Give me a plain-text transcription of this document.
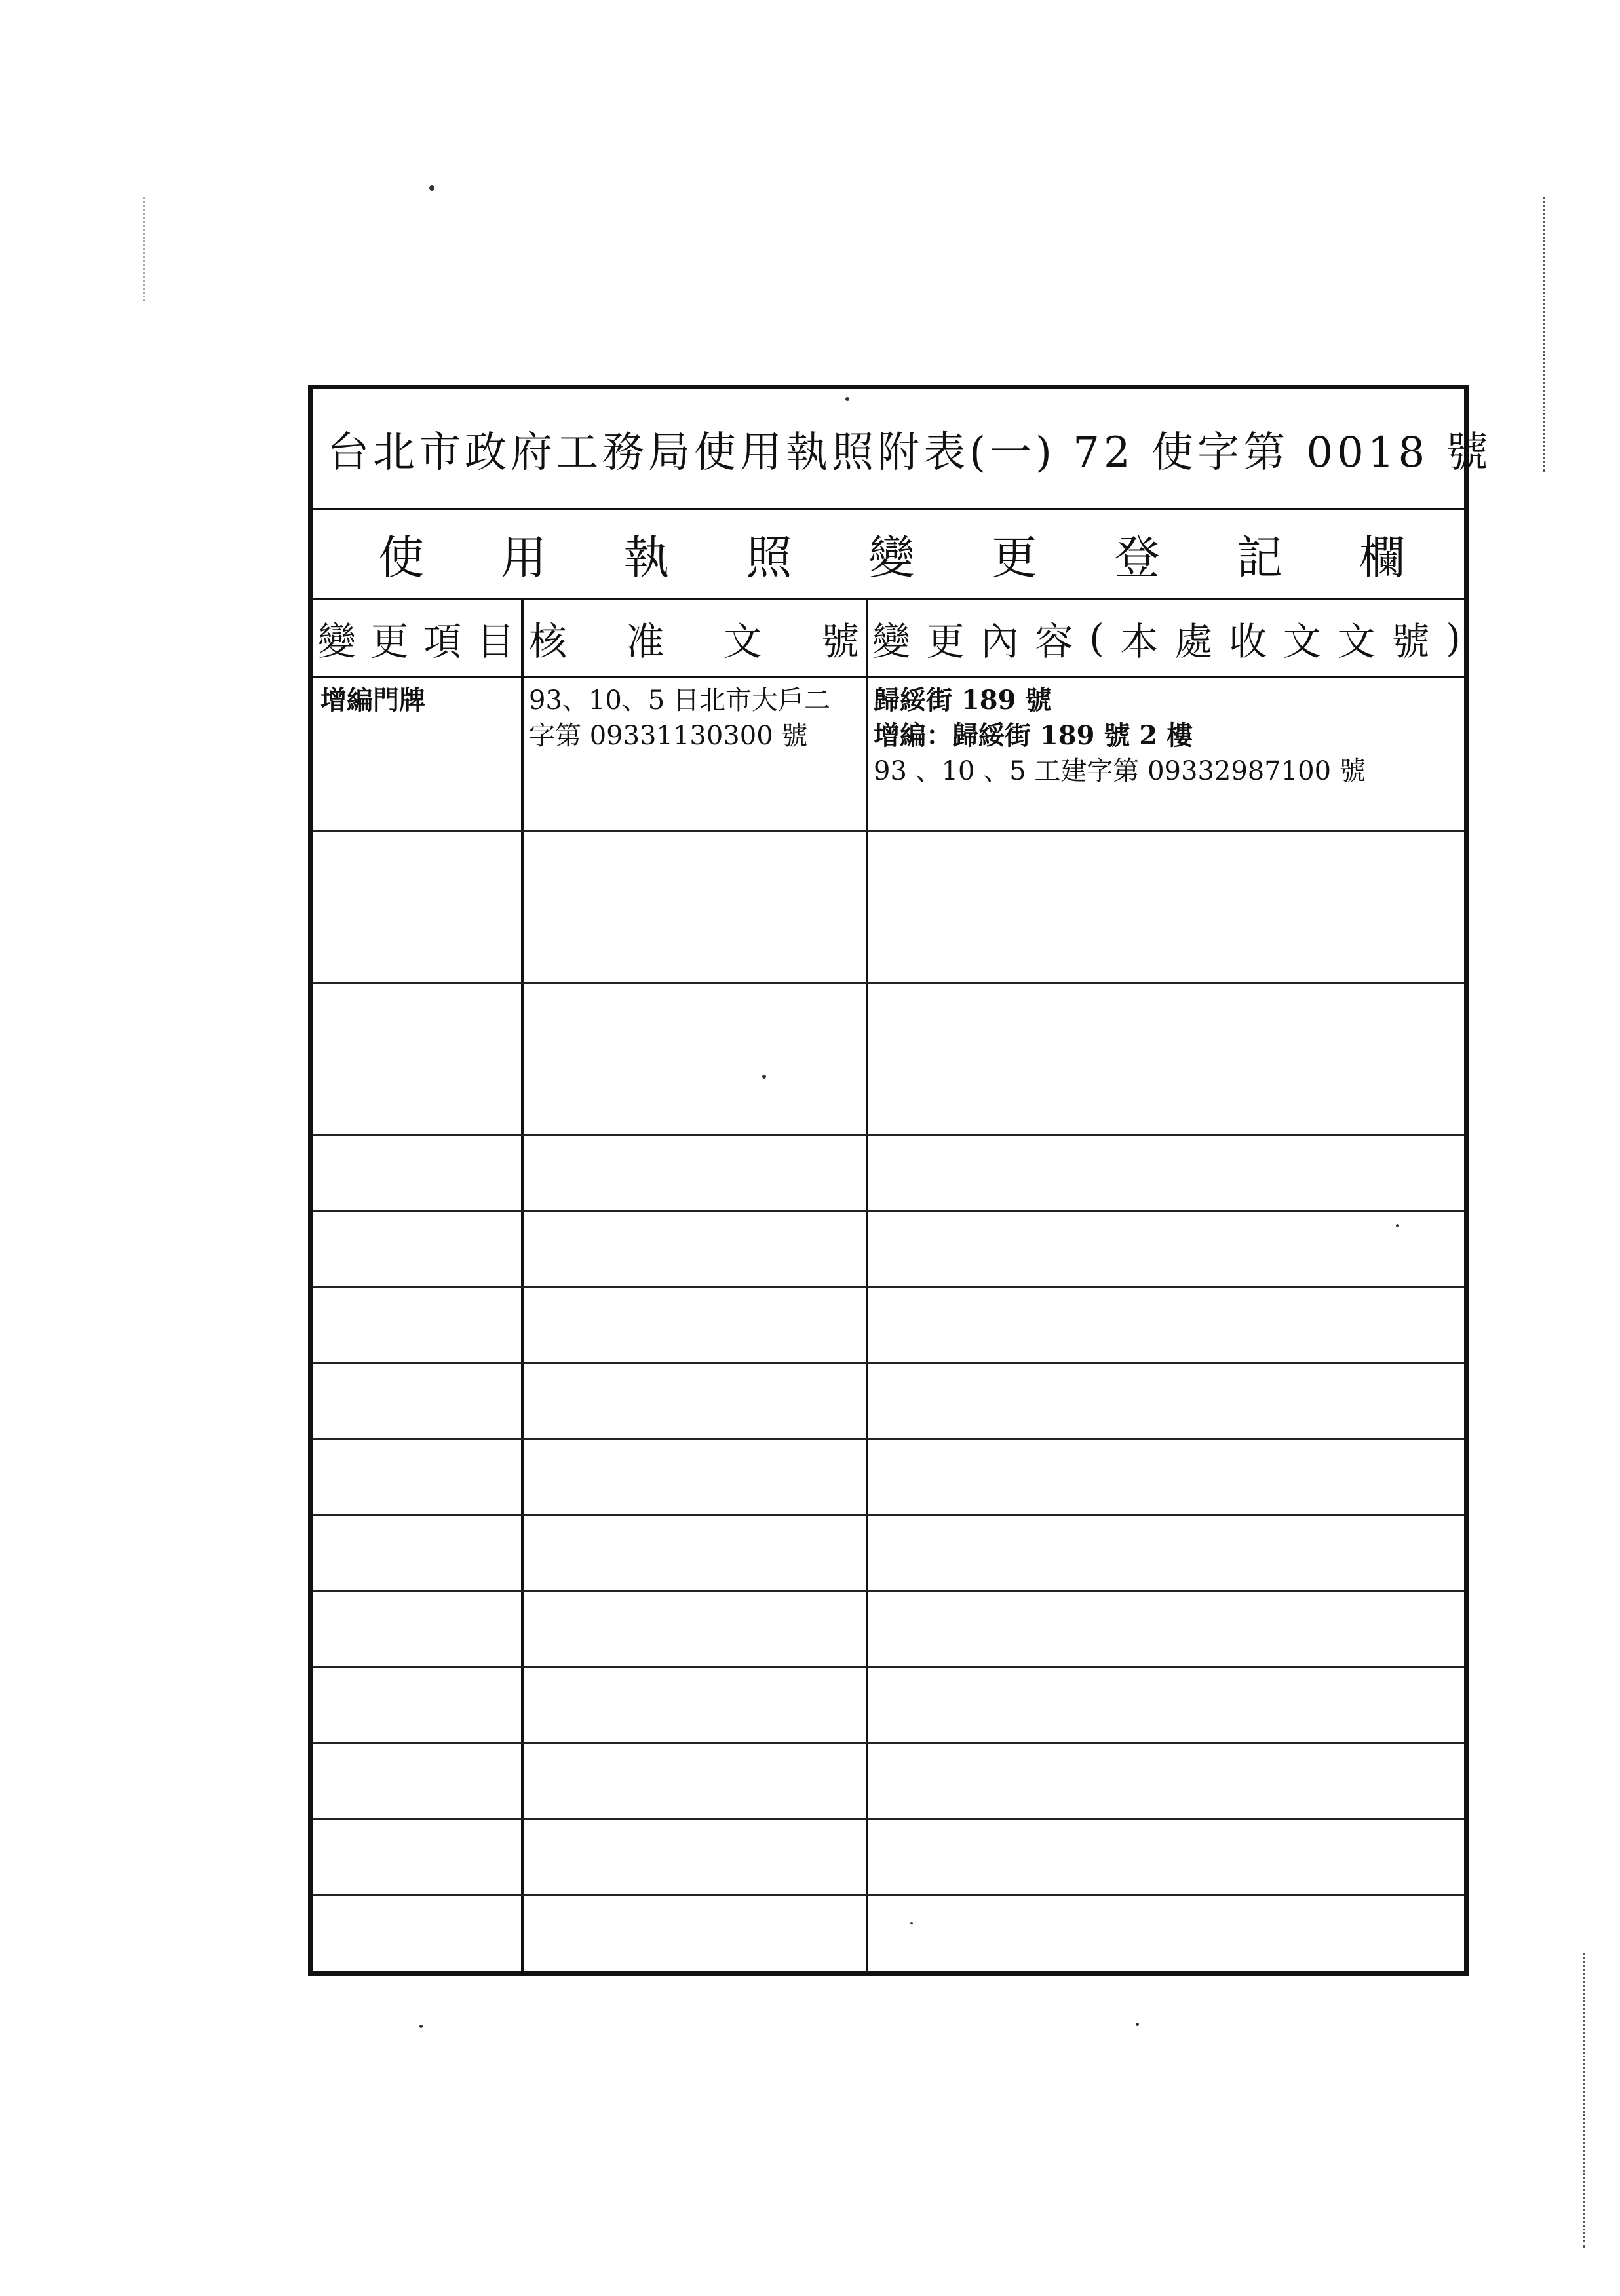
台北市政府工務局使用執照附表(一) 72 使字第 0018 號
使 用 執 照 變 更 登 記 欄
變 更 項 目 核 准 文 號 變 更 內 容 ( 本 處 收 文 文 號 )
增編門牌	93、10、5 日北市大戶二
字第 09331130300 號
歸綏街 189 號
增編：歸綏街 189 號 2 樓
93 、10 、5 工建字第 09332987100 號
